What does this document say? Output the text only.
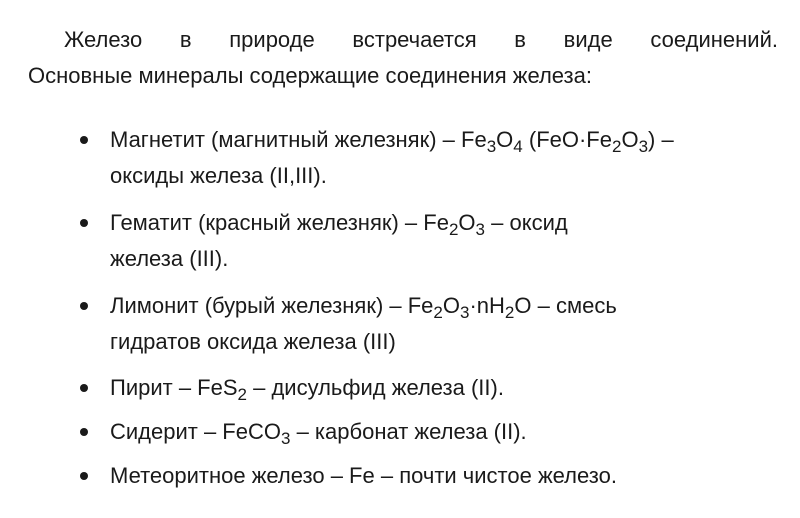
Железо в природе встречается в виде соединений.
Основные минералы содержащие соединения железа:
Магнетит (магнитный железняк) – $Fe_3O_4$ $(FeO\cdot Fe_2O_3)$ –
оксиды железа (II,III).
Гематит (красный железняк) – $Fe_2O_3$ – оксид
железа (III).
Лимонит (бурый железняк) – $Fe_2O_3\cdot nH_2O$ – смесь
гидратов оксида железа (III)
Пирит – FeS$_2$ – дисульфид железа (II).
Сидерит – FeCO$_3$ – карбонат железа (II).
Метеоритное железо – Fe – почти чистое железо.
